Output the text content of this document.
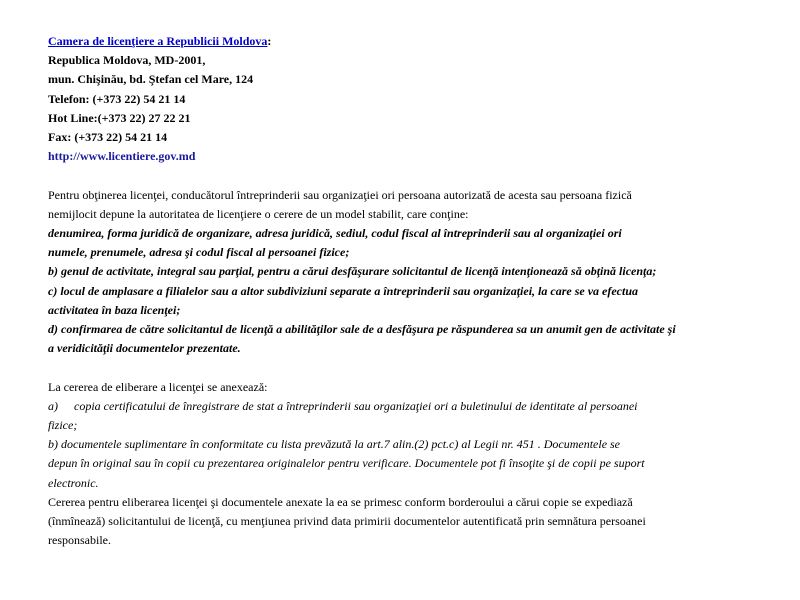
Camera de licenţiere a Republicii Moldova:
Republica Moldova, MD-2001,
mun. Chişinău, bd. Ştefan cel Mare, 124
Telefon: (+373 22) 54 21 14
Hot Line:(+373 22) 27 22 21
Fax: (+373 22) 54 21 14
http://www.licentiere.gov.md
Pentru obţinerea licenţei, conducătorul întreprinderii sau organizaţiei ori persoana autorizată de acesta sau persoana fizică
nemijlocit depune la autoritatea de licenţiere o cerere de un model stabilit, care conţine:
denumirea, forma juridică de organizare, adresa juridică, sediul, codul fiscal al întreprinderii sau al organizaţiei ori
numele, prenumele, adresa şi codul fiscal al persoanei fizice;
b) genul de activitate, integral sau parţial, pentru a cărui desfăşurare solicitantul de licenţă intenţionează să obţină licenţa;
c) locul de amplasare a filialelor sau a altor subdiviziuni separate a întreprinderii sau organizaţiei, la care se va efectua
activitatea în baza licenţei;
d) confirmarea de către solicitantul de licenţă a abilităţilor sale de a desfăşura pe răspunderea sa un anumit gen de activitate şi
a veridicităţii documentelor prezentate.
La cererea de eliberare a licenţei se anexează:
a) copia certificatului de înregistrare de stat a întreprinderii sau organizaţiei ori a buletinului de identitate al persoanei
fizice;
b) documentele suplimentare în conformitate cu lista prevăzută la art.7 alin.(2) pct.c) al Legii nr. 451 . Documentele se
depun în original sau în copii cu prezentarea originalelor pentru verificare. Documentele pot fi însoţite şi de copii pe suport
electronic.
Cererea pentru eliberarea licenţei şi documentele anexate la ea se primesc conform borderoului a cărui copie se expediază
(înmînează) solicitantului de licenţă, cu menţiunea privind data primirii documentelor autentificată prin semnătura persoanei
responsabile.
